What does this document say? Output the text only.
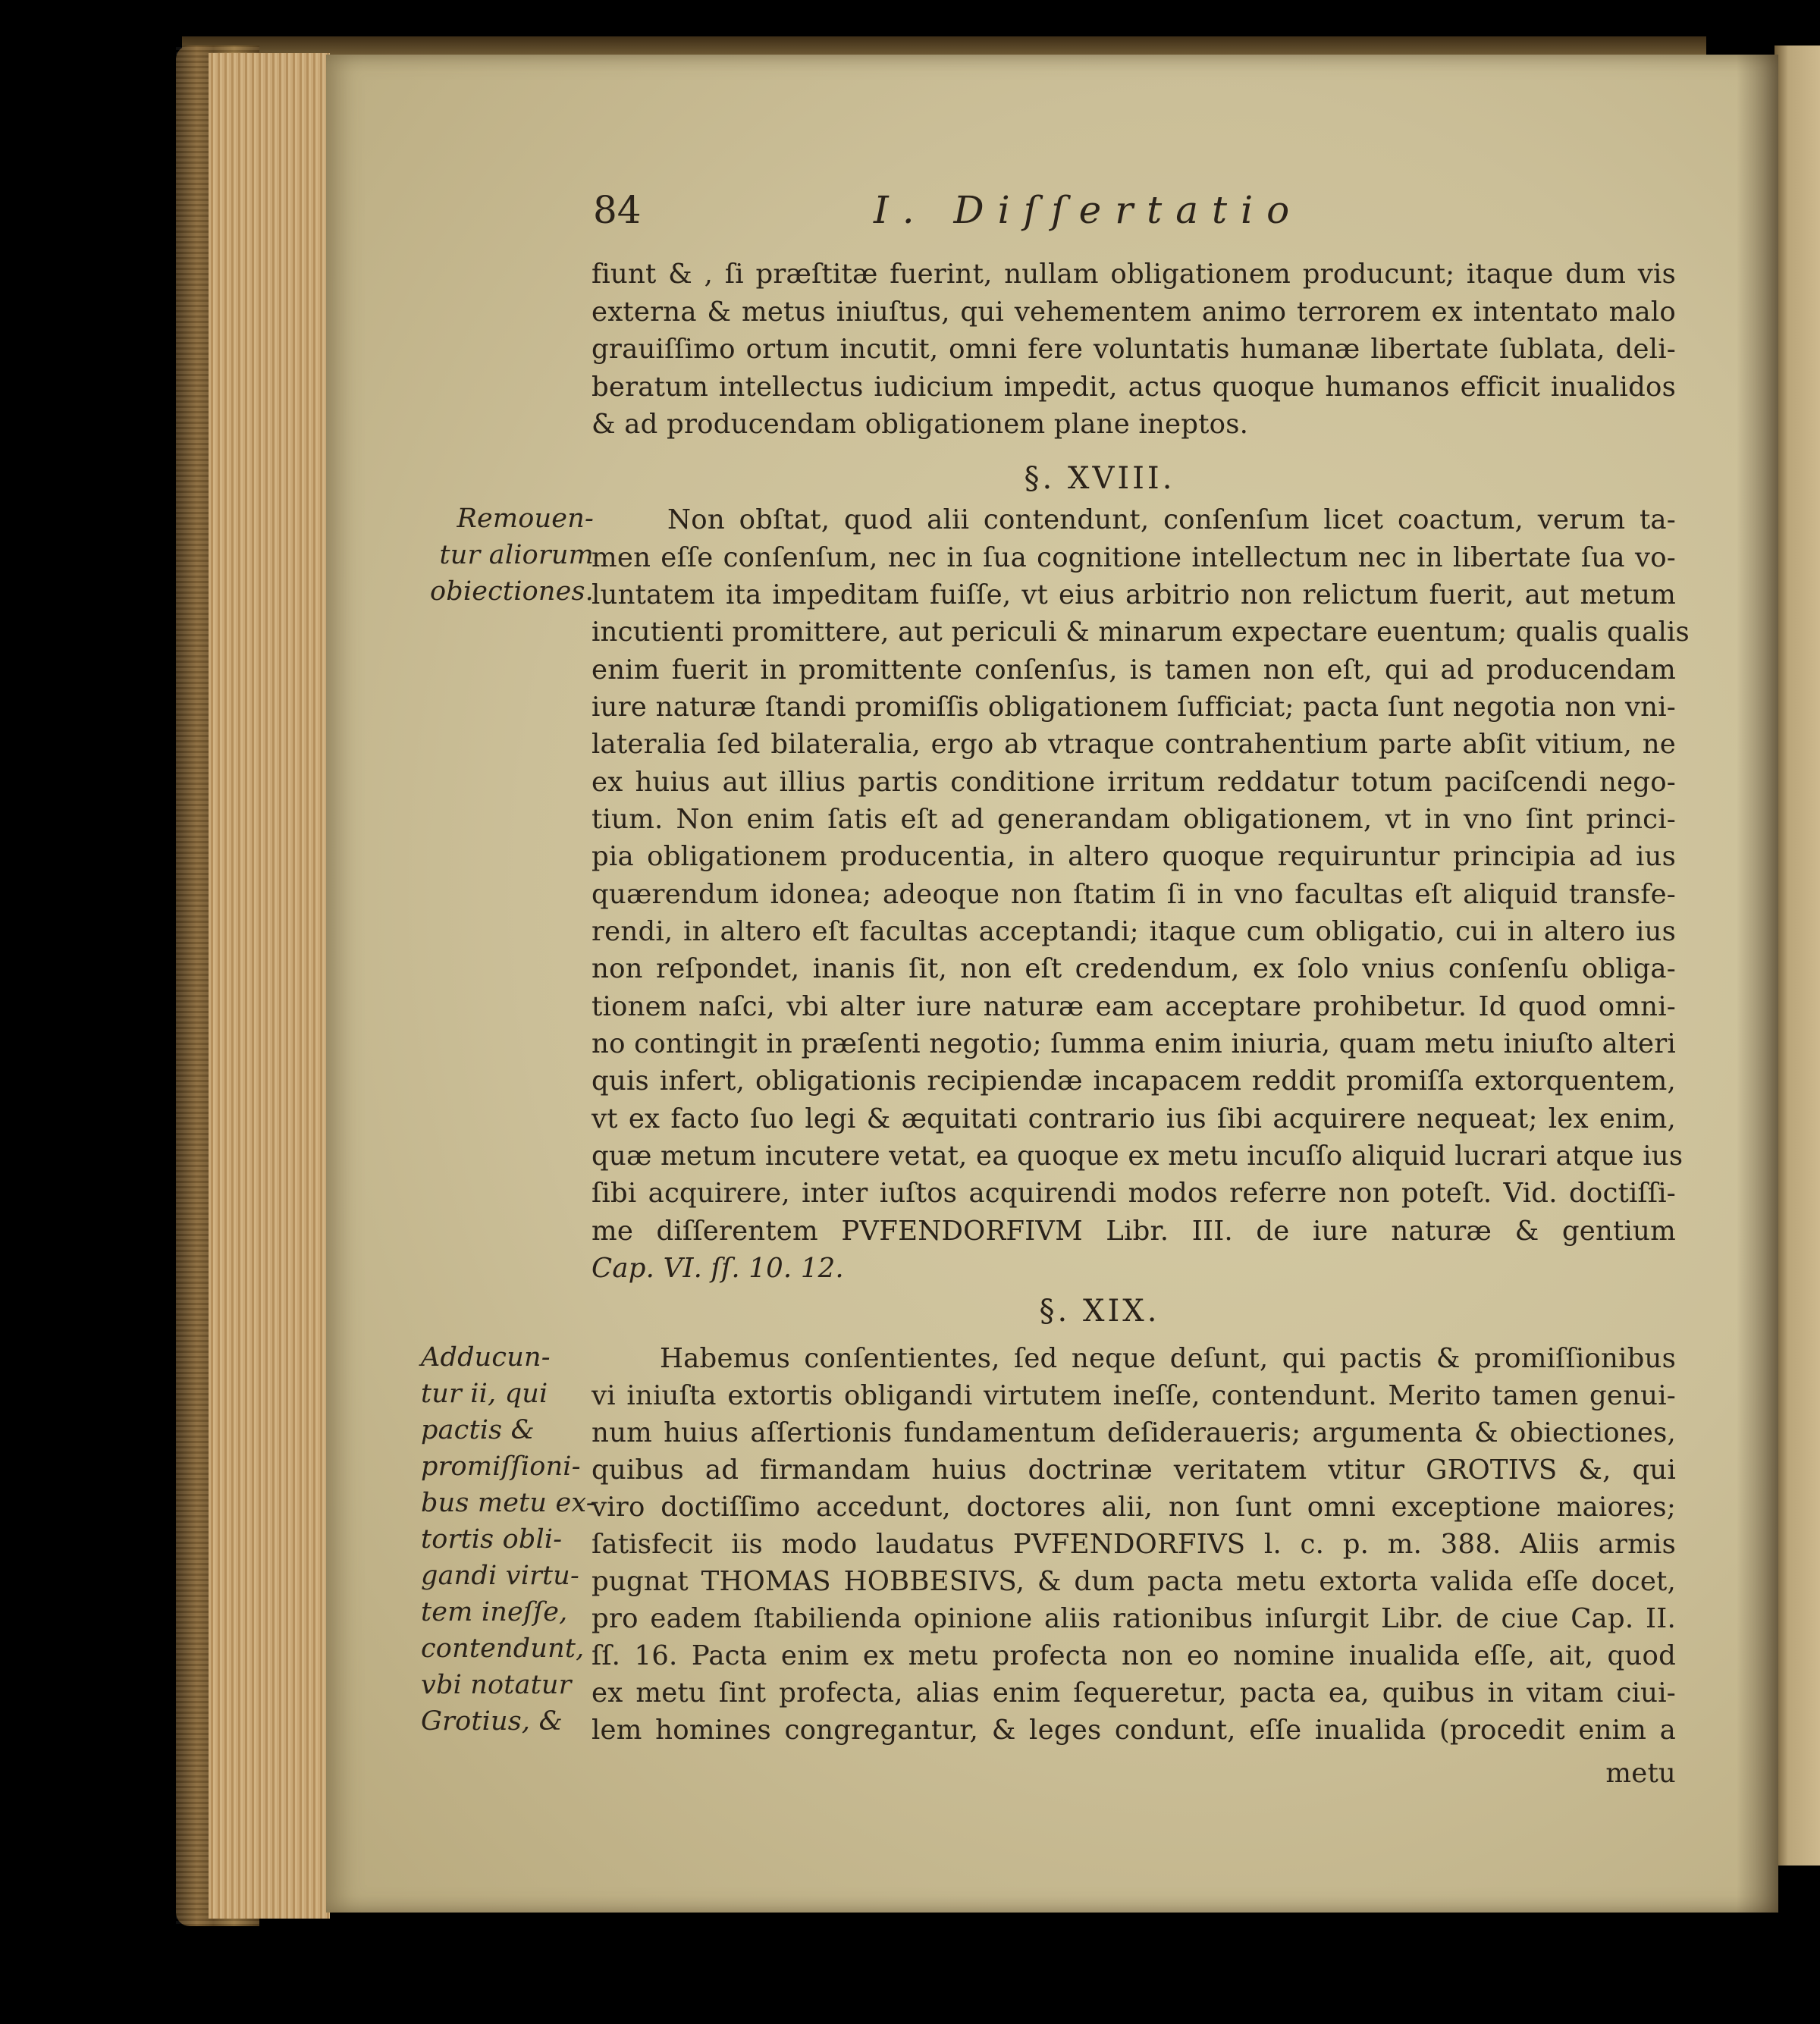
84	I. Diſſertatio
fiunt & , ſi præſtitæ fuerint, nullam obligationem producunt; itaque dum vis
externa & metus iniuſtus, qui vehementem animo terrorem ex intentato malo
grauiſſimo ortum incutit, omni fere voluntatis humanæ libertate ſublata, deli-
beratum intellectus iudicium impedit, actus quoque humanos efficit inualidos
& ad producendam obligationem plane ineptos.
§. XVIII.
Remouen-
tur aliorum
obiectiones.
Non obſtat, quod alii contendunt, conſenſum licet coactum, verum ta-
men eſſe conſenſum, nec in ſua cognitione intellectum nec in libertate ſua vo-
luntatem ita impeditam fuiſſe, vt eius arbitrio non relictum fuerit, aut metum
incutienti promittere, aut periculi & minarum expectare euentum; qualis qualis
enim fuerit in promittente conſenſus, is tamen non eſt, qui ad producendam
iure naturæ ſtandi promiſſis obligationem ſufficiat; pacta ſunt negotia non vni-
lateralia ſed bilateralia, ergo ab vtraque contrahentium parte abſit vitium, ne
ex huius aut illius partis conditione irritum reddatur totum paciſcendi nego-
tium. Non enim ſatis eſt ad generandam obligationem, vt in vno ſint princi-
pia obligationem producentia, in altero quoque requiruntur principia ad ius
quærendum idonea; adeoque non ſtatim ſi in vno facultas eſt aliquid transfe-
rendi, in altero eſt facultas acceptandi; itaque cum obligatio, cui in altero ius
non reſpondet, inanis ſit, non eſt credendum, ex ſolo vnius conſenſu obliga-
tionem naſci, vbi alter iure naturæ eam acceptare prohibetur. Id quod omni-
no contingit in præſenti negotio; ſumma enim iniuria, quam metu iniuſto alteri
quis infert, obligationis recipiendæ incapacem reddit promiſſa extorquentem,
vt ex facto ſuo legi & æquitati contrario ius ſibi acquirere nequeat; lex enim,
quæ metum incutere vetat, ea quoque ex metu incuſſo aliquid lucrari atque ius
ſibi acquirere, inter iuſtos acquirendi modos referre non poteſt. Vid. doctiſſi-
me diſſerentem PVFENDORFIVM Libr. III. de iure naturæ & gentium
Cap. VI. ſſ. 10. 12.
§. XIX.
Adducun-
tur ii, qui
pactis &
promiſſioni-
bus metu ex-
tortis obli-
gandi virtu-
tem ineſſe,
contendunt,
vbi notatur
Grotius, &
Habemus conſentientes, ſed neque deſunt, qui pactis & promiſſionibus
vi iniuſta extortis obligandi virtutem ineſſe, contendunt. Merito tamen genui-
num huius aſſertionis fundamentum deſideraueris; argumenta & obiectiones,
quibus ad firmandam huius doctrinæ veritatem vtitur GROTIVS &, qui
viro doctiſſimo accedunt, doctores alii, non ſunt omni exceptione maiores;
ſatisfecit iis modo laudatus PVFENDORFIVS l. c. p. m. 388. Aliis armis
pugnat THOMAS HOBBESIVS, & dum pacta metu extorta valida eſſe docet,
pro eadem ſtabilienda opinione aliis rationibus inſurgit Libr. de ciue Cap. II.
ſſ. 16. Pacta enim ex metu profecta non eo nomine inualida eſſe, ait, quod
ex metu ſint profecta, alias enim ſequeretur, pacta ea, quibus in vitam ciui-
lem homines congregantur, & leges condunt, eſſe inualida (procedit enim a
metu
